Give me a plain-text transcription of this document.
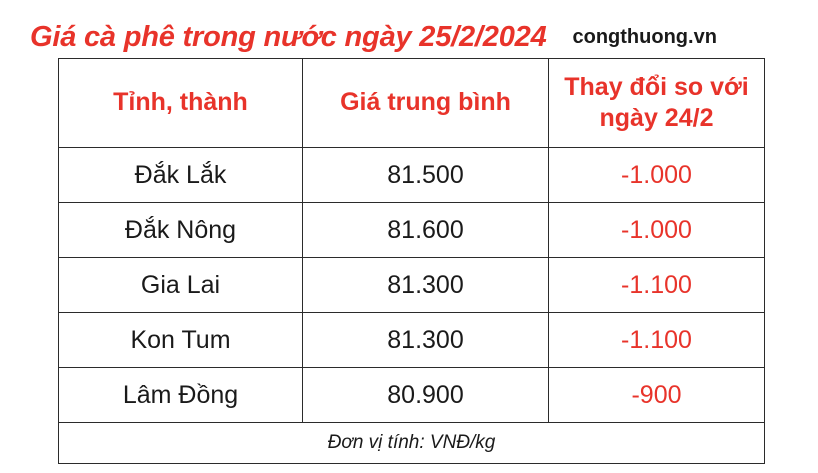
Giá cà phê trong nước ngày 25/2/2024 congthuong.vn
Tỉnh, thành	Giá trung bình	Thay đổi so với
ngày 24/2
Đắk Lắk	81.500	-1.000
Đắk Nông	81.600	-1.000
Gia Lai	81.300	-1.100
Kon Tum	81.300	-1.100
Lâm Đồng	80.900	-900
Đơn vị tính: VNĐ/kg		
